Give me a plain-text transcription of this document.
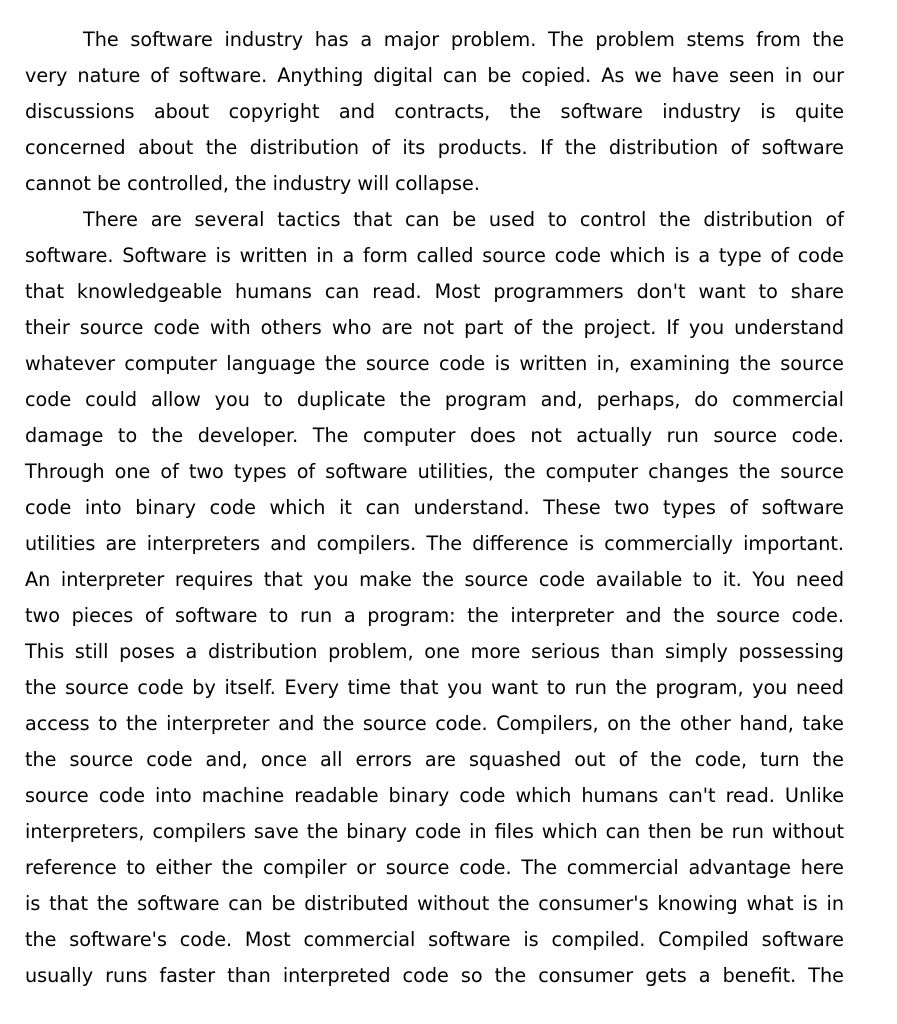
The software industry has a major problem. The problem stems from the
very nature of software. Anything digital can be copied. As we have seen in our
discussions about copyright and contracts, the software industry is quite
concerned about the distribution of its products. If the distribution of software
cannot be controlled, the industry will collapse.
There are several tactics that can be used to control the distribution of
software. Software is written in a form called source code which is a type of code
that knowledgeable humans can read. Most programmers don't want to share
their source code with others who are not part of the project. If you understand
whatever computer language the source code is written in, examining the source
code could allow you to duplicate the program and, perhaps, do commercial
damage to the developer. The computer does not actually run source code.
Through one of two types of software utilities, the computer changes the source
code into binary code which it can understand. These two types of software
utilities are interpreters and compilers. The difference is commercially important.
An interpreter requires that you make the source code available to it. You need
two pieces of software to run a program: the interpreter and the source code.
This still poses a distribution problem, one more serious than simply possessing
the source code by itself. Every time that you want to run the program, you need
access to the interpreter and the source code. Compilers, on the other hand, take
the source code and, once all errors are squashed out of the code, turn the
source code into machine readable binary code which humans can't read. Unlike
interpreters, compilers save the binary code in files which can then be run without
reference to either the compiler or source code. The commercial advantage here
is that the software can be distributed without the consumer's knowing what is in
the software's code. Most commercial software is compiled. Compiled software
usually runs faster than interpreted code so the consumer gets a benefit. The
